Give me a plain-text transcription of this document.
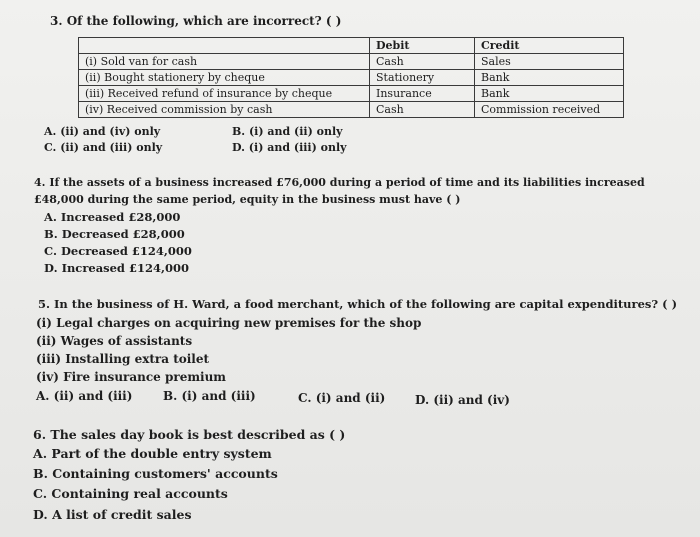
3. Of the following, which are incorrect? ( )
	Debit	Credit
(i) Sold van for cash	Cash	Sales
(ii) Bought stationery by cheque	Stationery	Bank
(iii) Received refund of insurance by cheque	Insurance	Bank
(iv) Received commission by cash	Cash	Commission received
A. (ii) and (iv) only	B. (i) and (ii) only
C. (ii) and (iii) only	D. (i) and (iii) only
4. If the assets of a business increased £76,000 during a period of time and its liabilities increased
£48,000 during the same period, equity in the business must have ( )
A. Increased £28,000
B. Decreased £28,000
C. Decreased £124,000
D. Increased £124,000
5. In the business of H. Ward, a food merchant, which of the following are capital expenditures? ( )
(i) Legal charges on acquiring new premises for the shop
(ii) Wages of assistants
(iii) Installing extra toilet
(iv) Fire insurance premium
A. (ii) and (iii)	B. (i) and (iii)	C. (i) and (ii) D. (ii) and (iv)
6. The sales day book is best described as ( )
A. Part of the double entry system
B. Containing customers' accounts
C. Containing real accounts
D. A list of credit sales
